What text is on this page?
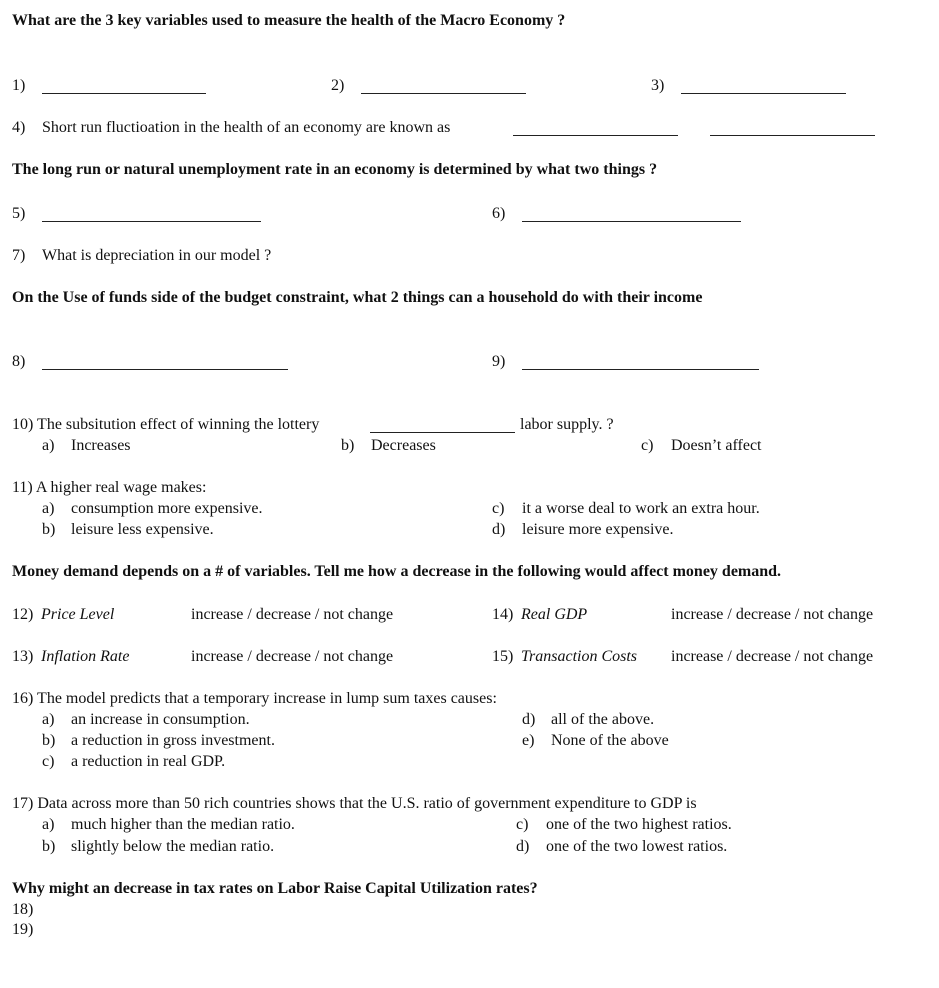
What are the 3 key variables used to measure the health of the Macro Economy ?
1)	2)	3)
4) Short run fluctioation in the health of an economy are known as
The long run or natural unemployment rate in an economy is determined by what two things ?
5)	6)
7) What is depreciation in our model ?
On the Use of funds side of the budget constraint, what 2 things can a household do with their income
8)	9)
10) The subsitution effect of winning the lottery	labor supply. ?
a) Increases	b) Decreases	c) Doesn’t affect
11) A higher real wage makes:
a) consumption more expensive.
b) leisure less expensive.
c) it a worse deal to work an extra hour.
d) leisure more expensive.
Money demand depends on a # of variables. Tell me how a decrease in the following would affect money demand.
12) Price Level	increase / decrease / not change	14) Real GDP	increase / decrease / not change
13) Inflation Rate	increase / decrease / not change	15) Transaction Costs increase / decrease / not change
16) The model predicts that a temporary increase in lump sum taxes causes:
a) an increase in consumption.
b) a reduction in gross investment.
c) a reduction in real GDP.
d) all of the above.
e) None of the above
17) Data across more than 50 rich countries shows that the U.S. ratio of government expenditure to GDP is
a) much higher than the median ratio.
b) slightly below the median ratio.
c) one of the two highest ratios.
d) one of the two lowest ratios.
Why might an decrease in tax rates on Labor Raise Capital Utilization rates?
18)
19)
